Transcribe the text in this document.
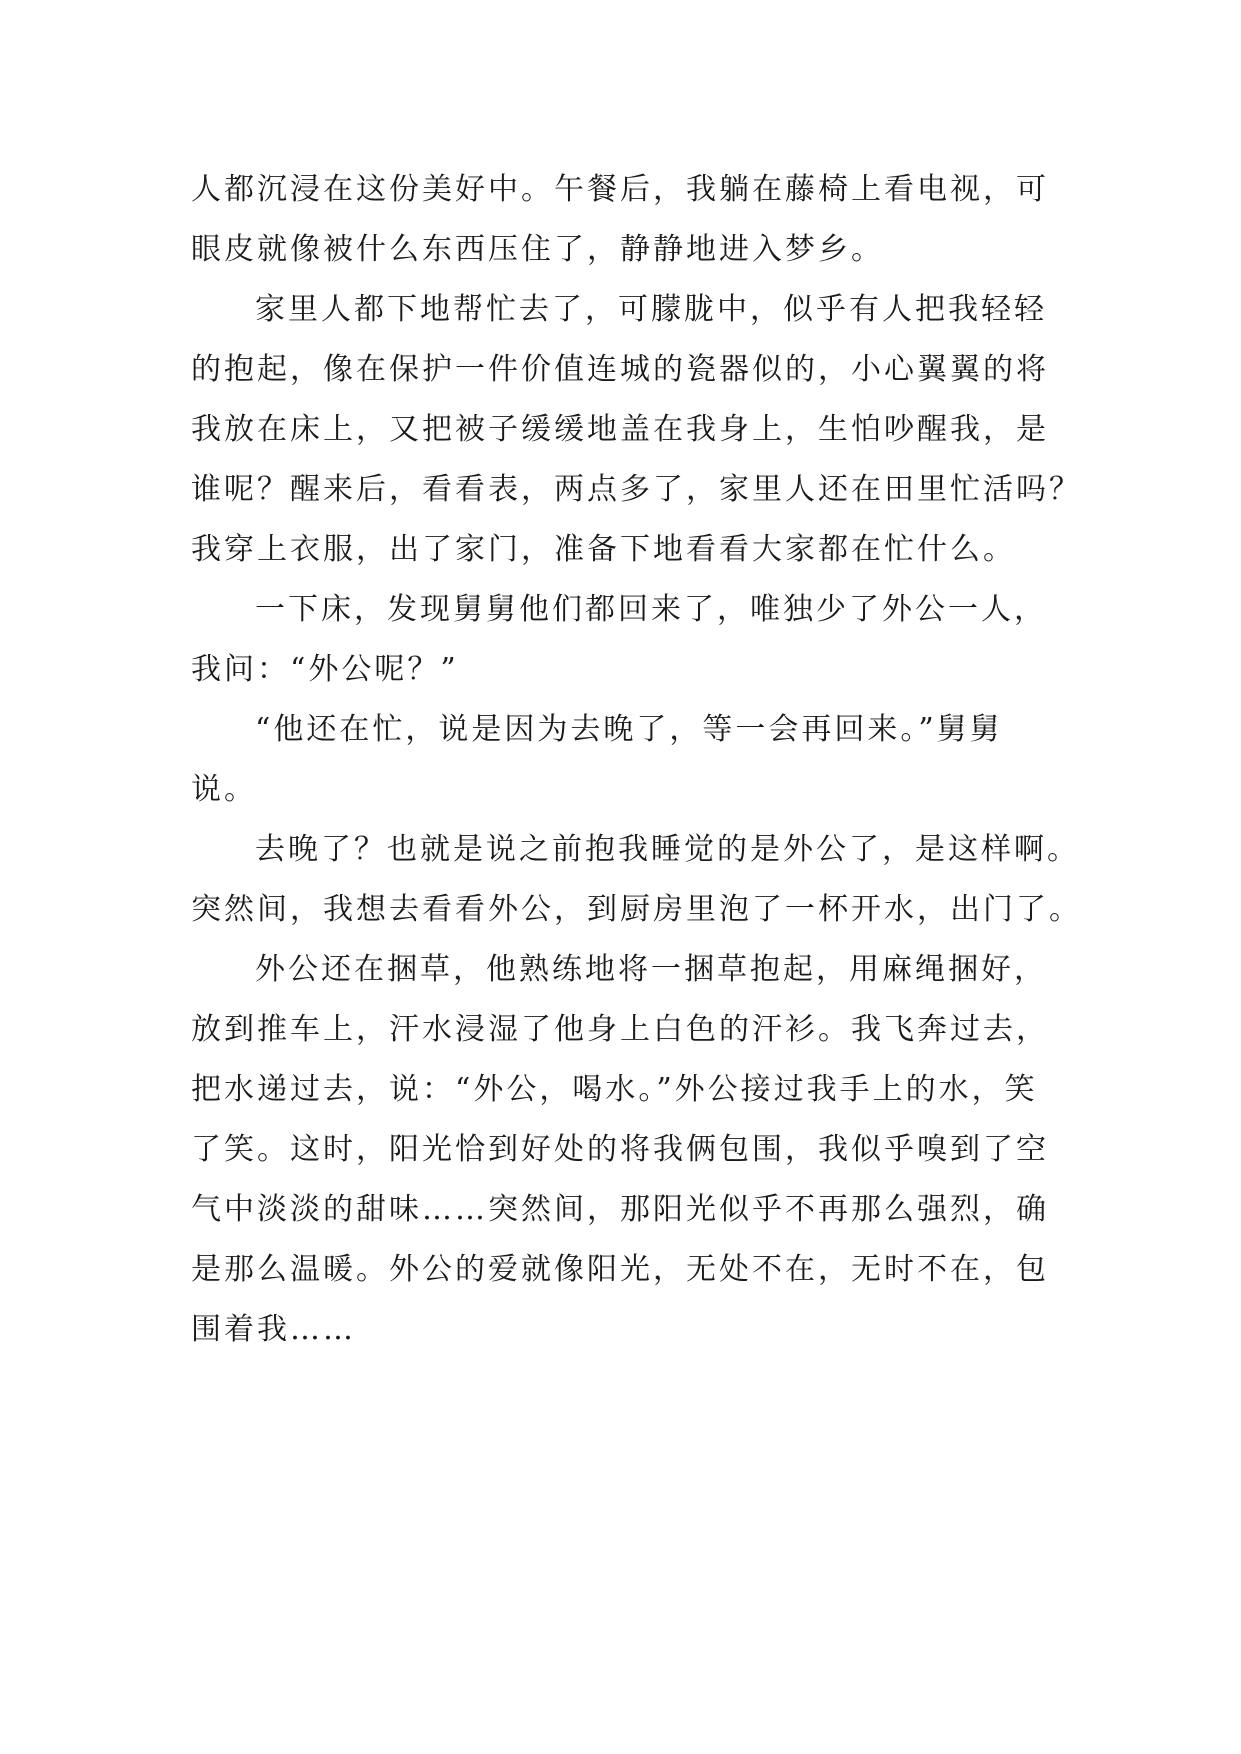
人都沉浸在这份美好中。午餐后，我躺在藤椅上看电视，可
眼皮就像被什么东西压住了，静静地进入梦乡。
家里人都下地帮忙去了，可朦胧中，似乎有人把我轻轻
的抱起，像在保护一件价值连城的瓷器似的，小心翼翼的将
我放在床上，又把被子缓缓地盖在我身上，生怕吵醒我，是
谁呢？醒来后，看看表，两点多了，家里人还在田里忙活吗？
我穿上衣服，出了家门，准备下地看看大家都在忙什么。
一下床，发现舅舅他们都回来了，唯独少了外公一人，
我问：“外公呢？”
“他还在忙，说是因为去晚了，等一会再回来。”舅舅
说。
去晚了？也就是说之前抱我睡觉的是外公了，是这样啊。
突然间，我想去看看外公，到厨房里泡了一杯开水，出门了。
外公还在捆草，他熟练地将一捆草抱起，用麻绳捆好，
放到推车上，汗水浸湿了他身上白色的汗衫。我飞奔过去，
把水递过去，说：“外公，喝水。”外公接过我手上的水，笑
了笑。这时，阳光恰到好处的将我俩包围，我似乎嗅到了空
气中淡淡的甜味……突然间，那阳光似乎不再那么强烈，确
是那么温暖。外公的爱就像阳光，无处不在，无时不在，包
围着我……
